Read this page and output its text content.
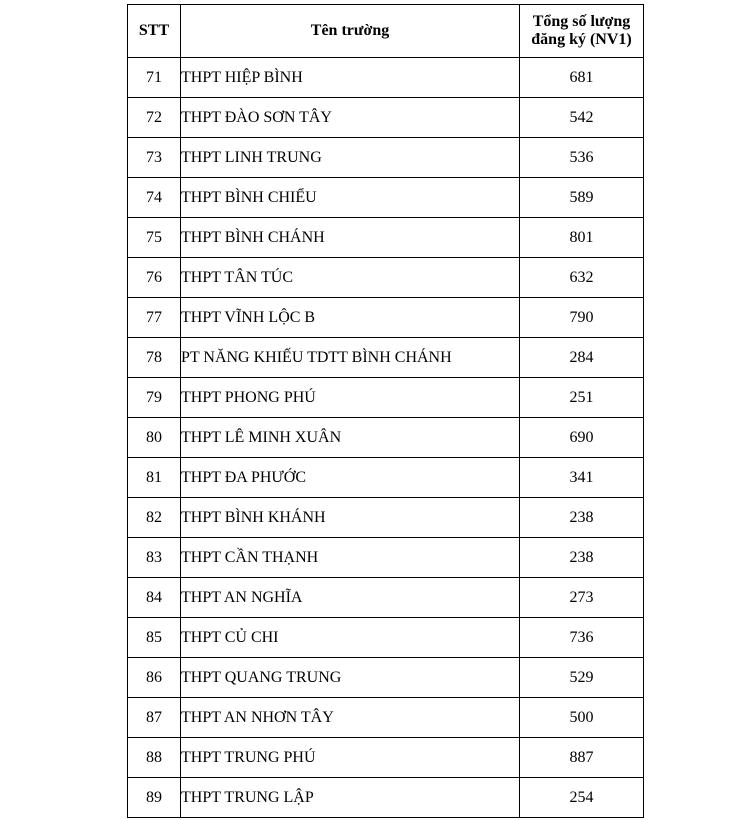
STT	Tên trường	Tổng số lượng
đăng ký (NV1)

71	THPT HIỆP BÌNH	681
72	THPT ĐÀO SƠN TÂY	542
73	THPT LINH TRUNG	536
74	THPT BÌNH CHIỂU	589
75	THPT BÌNH CHÁNH	801
76	THPT TÂN TÚC	632
77	THPT VĨNH LỘC B	790
78	PT NĂNG KHIẾU TDTT BÌNH CHÁNH	284
79	THPT PHONG PHÚ	251
80	THPT LÊ MINH XUÂN	690
81	THPT ĐA PHƯỚC	341
82	THPT BÌNH KHÁNH	238
83	THPT CẦN THẠNH	238
84	THPT AN NGHĨA	273
85	THPT CỦ CHI	736
86	THPT QUANG TRUNG	529
87	THPT AN NHƠN TÂY	500
88	THPT TRUNG PHÚ	887
89	THPT TRUNG LẬP	254
